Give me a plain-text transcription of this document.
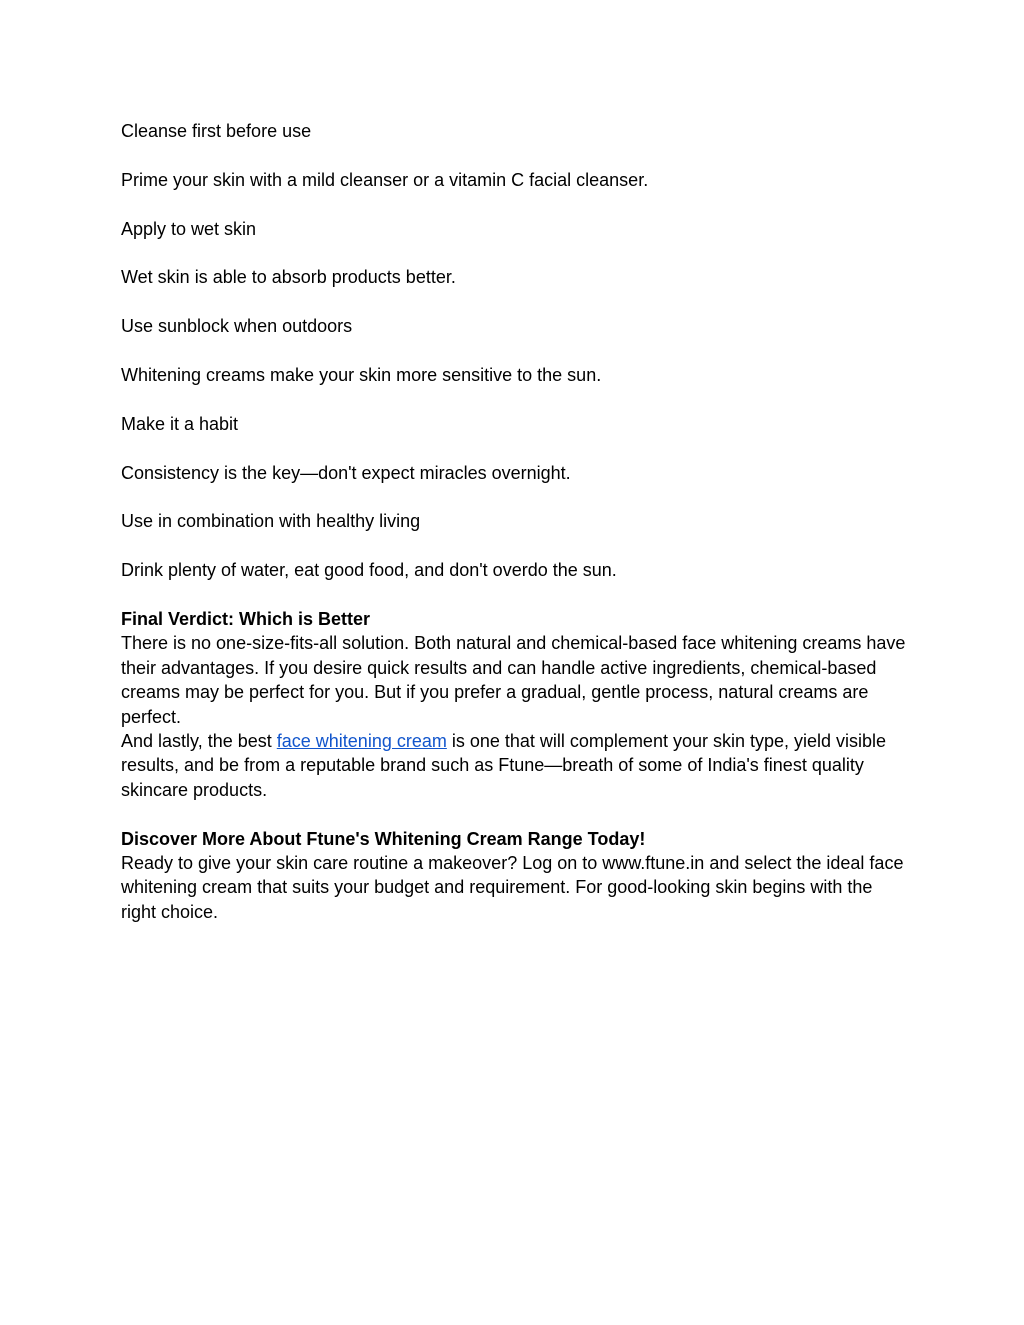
Cleanse first before use

Prime your skin with a mild cleanser or a vitamin C facial cleanser.

Apply to wet skin

Wet skin is able to absorb products better.

Use sunblock when outdoors

Whitening creams make your skin more sensitive to the sun.

Make it a habit

Consistency is the key—don't expect miracles overnight.

Use in combination with healthy living

Drink plenty of water, eat good food, and don't overdo the sun.

Final Verdict: Which is Better

There is no one-size-fits-all solution. Both natural and chemical-based face whitening creams have their advantages. If you desire quick results and can handle active ingredients, chemical-based creams may be perfect for you. But if you prefer a gradual, gentle process, natural creams are perfect.

And lastly, the best face whitening cream is one that will complement your skin type, yield visible results, and be from a reputable brand such as Ftune—breath of some of India's finest quality skincare products.

Discover More About Ftune's Whitening Cream Range Today!

Ready to give your skin care routine a makeover? Log on to www.ftune.in and select the ideal face whitening cream that suits your budget and requirement. For good-looking skin begins with the right choice.
